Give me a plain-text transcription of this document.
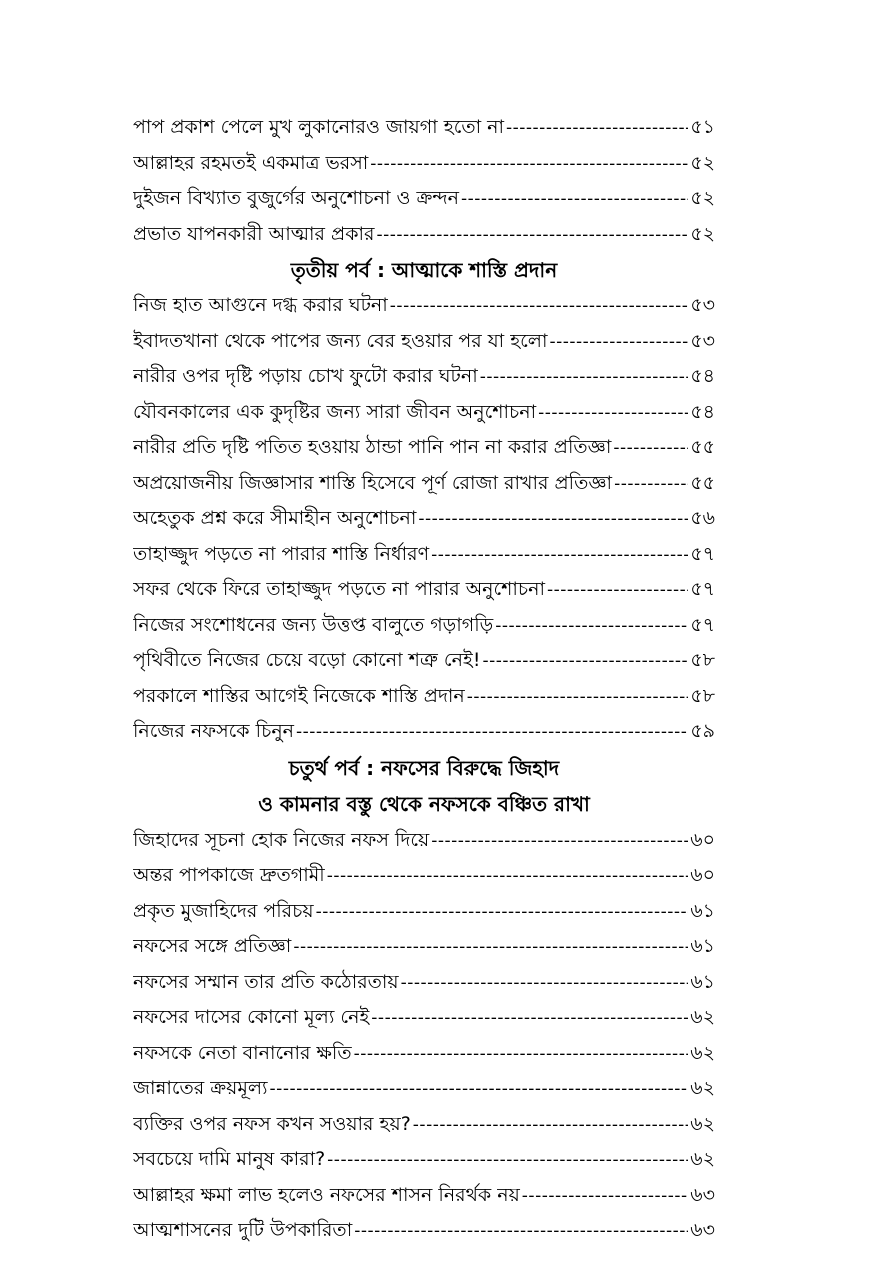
পাপ প্রকাশ পেলে মুখ লুকানোরও জায়গা হতো না -----	৫১
আল্লাহর রহমতই একমাত্র ভরসা -----	৫২
দুইজন বিখ্যাত বুজুর্গের অনুশোচনা ও ক্রন্দন -----	৫২
প্রভাত যাপনকারী আত্মার প্রকার -----	৫২
তৃতীয় পর্ব : আত্মাকে শাস্তি প্রদান
নিজ হাত আগুনে দগ্ধ করার ঘটনা -----	৫৩
ইবাদতখানা থেকে পাপের জন্য বের হওয়ার পর যা হলো -----	৫৩
নারীর ওপর দৃষ্টি পড়ায় চোখ ফুটো করার ঘটনা -----	৫৪
যৌবনকালের এক কুদৃষ্টির জন্য সারা জীবন অনুশোচনা -----	৫৪
নারীর প্রতি দৃষ্টি পতিত হওয়ায় ঠান্ডা পানি পান না করার প্রতিজ্ঞা -----	৫৫
অপ্রয়োজনীয় জিজ্ঞাসার শাস্তি হিসেবে পূর্ণ রোজা রাখার প্রতিজ্ঞা -----	৫৫
অহেতুক প্রশ্ন করে সীমাহীন অনুশোচনা -----	৫৬
তাহাজ্জুদ পড়তে না পারার শাস্তি নির্ধারণ -----	৫৭
সফর থেকে ফিরে তাহাজ্জুদ পড়তে না পারার অনুশোচনা -----	৫৭
নিজের সংশোধনের জন্য উত্তপ্ত বালুতে গড়াগড়ি -----	৫৭
পৃথিবীতে নিজের চেয়ে বড়ো কোনো শত্রু নেই! -----	৫৮
পরকালে শাস্তির আগেই নিজেকে শাস্তি প্রদান -----	৫৮
নিজের নফসকে চিনুন -----	৫৯
চতুর্থ পর্ব : নফসের বিরুদ্ধে জিহাদ
ও কামনার বস্তু থেকে নফসকে বঞ্চিত রাখা
জিহাদের সূচনা হোক নিজের নফস দিয়ে -----	৬০
অন্তর পাপকাজে দ্রুতগামী -----	৬০
প্রকৃত মুজাহিদের পরিচয় -----	৬১
নফসের সঙ্গে প্রতিজ্ঞা -----	৬১
নফসের সম্মান তার প্রতি কঠোরতায় -----	৬১
নফসের দাসের কোনো মূল্য নেই -----	৬২
নফসকে নেতা বানানোর ক্ষতি -----	৬২
জান্নাতের ক্রয়মূল্য -----	৬২
ব্যক্তির ওপর নফস কখন সওয়ার হয়? -----	৬২
সবচেয়ে দামি মানুষ কারা? -----	৬২
আল্লাহর ক্ষমা লাভ হলেও নফসের শাসন নিরর্থক নয় -----	৬৩
আত্মশাসনের দুটি উপকারিতা -----	৬৩
